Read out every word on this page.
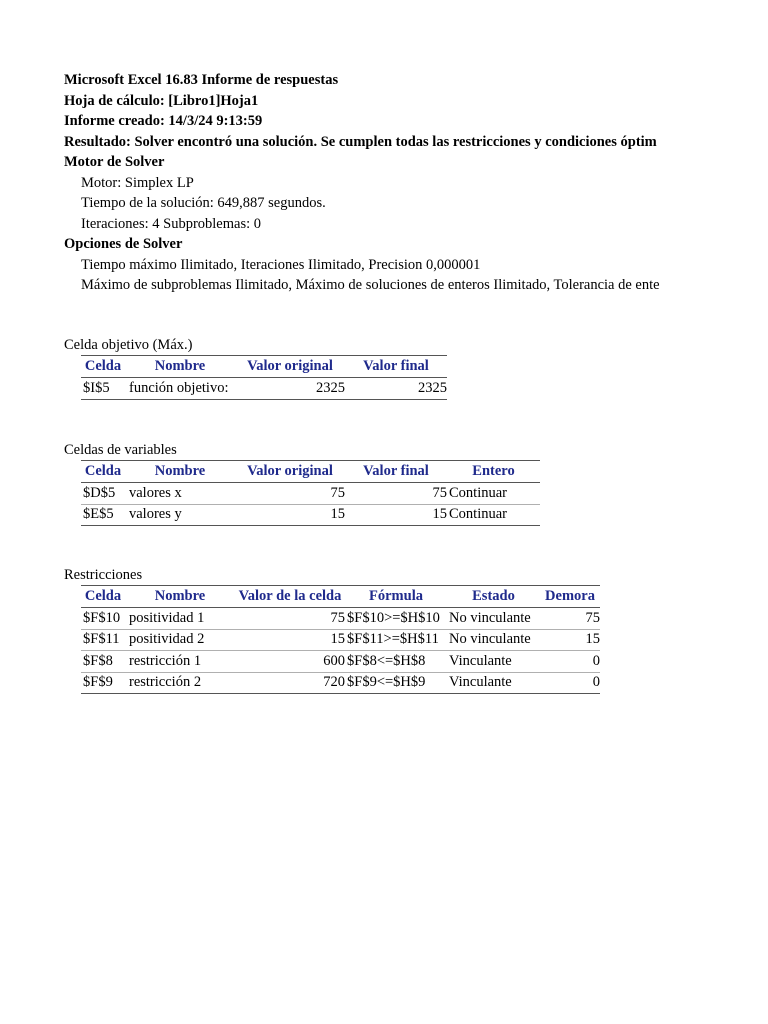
Microsoft Excel 16.83 Informe de respuestas
Hoja de cálculo: [Libro1]Hoja1
Informe creado: 14/3/24 9:13:59
Resultado: Solver encontró una solución. Se cumplen todas las restricciones y condiciones óptim
Motor de Solver
Motor: Simplex LP
Tiempo de la solución: 649,887 segundos.
Iteraciones: 4 Subproblemas: 0
Opciones de Solver
Tiempo máximo Ilimitado, Iteraciones Ilimitado, Precision 0,000001
Máximo de subproblemas Ilimitado, Máximo de soluciones de enteros Ilimitado, Tolerancia de ente
Celda objetivo (Máx.)
Celda	Nombre	Valor original	Valor final
$I$5	función objetivo:	2325	2325
Celdas de variables
Celda	Nombre	Valor original	Valor final	Entero
$D$5	valores x	75	75	Continuar
$E$5	valores y	15	15	Continuar
Restricciones
Celda	Nombre	Valor de la celda	Fórmula	Estado	Demora
$F$10	positividad 1	75	$F$10>=$H$10	No vinculante	75
$F$11	positividad 2	15	$F$11>=$H$11	No vinculante	15
$F$8	restricción 1	600	$F$8<=$H$8	Vinculante	0
$F$9	restricción 2	720	$F$9<=$H$9	Vinculante	0
